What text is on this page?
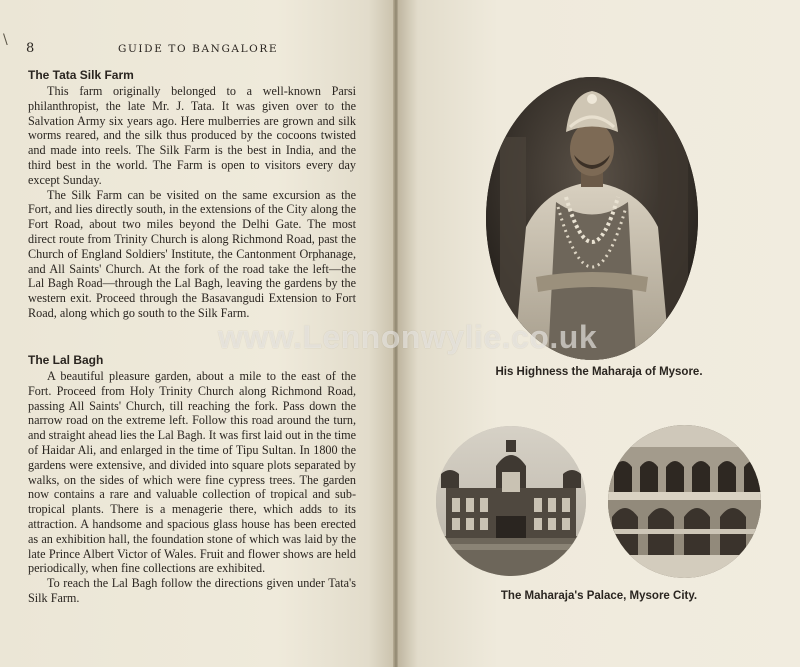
\
8	GUIDE TO BANGALORE
The Tata Silk Farm

This farm originally belonged to a well-known Parsi philanthropist, the late Mr. J. Tata. It was given over to the Salvation Army six years ago. Here mulberries are grown and silk worms reared, and the silk thus produced by the cocoons twisted and made into reels. The Silk Farm is the best in India, and the third best in the world. The Farm is open to visitors every day except Sunday.

The Silk Farm can be visited on the same excursion as the Fort, and lies directly south, in the extensions of the City along the Fort Road, about two miles beyond the Delhi Gate. The most direct route from Trinity Church is along Richmond Road, past the Church of England Soldiers' Institute, the Cantonment Orphanage, and All Saints' Church. At the fork of the road take the left—the Lal Bagh Road—through the Lal Bagh, leaving the gardens by the western exit. Proceed through the Basavangudi Extension to Fort Road, along which go south to the Silk Farm.

The Lal Bagh

A beautiful pleasure garden, about a mile to the east of the Fort. Proceed from Holy Trinity Church along Richmond Road, passing All Saints' Church, till reaching the fork. Pass down the narrow road on the extreme left. Follow this road around the turn, and straight ahead lies the Lal Bagh. It was first laid out in the time of Haidar Ali, and enlarged in the time of Tipu Sultan. In 1800 the gardens were extensive, and divided into square plots separated by walks, on the sides of which were fine cypress trees. The garden now contains a rare and valuable collection of tropical and sub-tropical plants. There is a menagerie there, which adds to its attraction. A handsome and spacious glass house has been erected as an exhibition hall, the foundation stone of which was laid by the late Prince Albert Victor of Wales. Fruit and flower shows are held periodically, when fine collections are exhibited.

To reach the Lal Bagh follow the directions given under Tata's Silk Farm.

His Highness the Maharaja of Mysore.
The Maharaja's Palace, Mysore City.
www.Lennonwylie.co.uk
